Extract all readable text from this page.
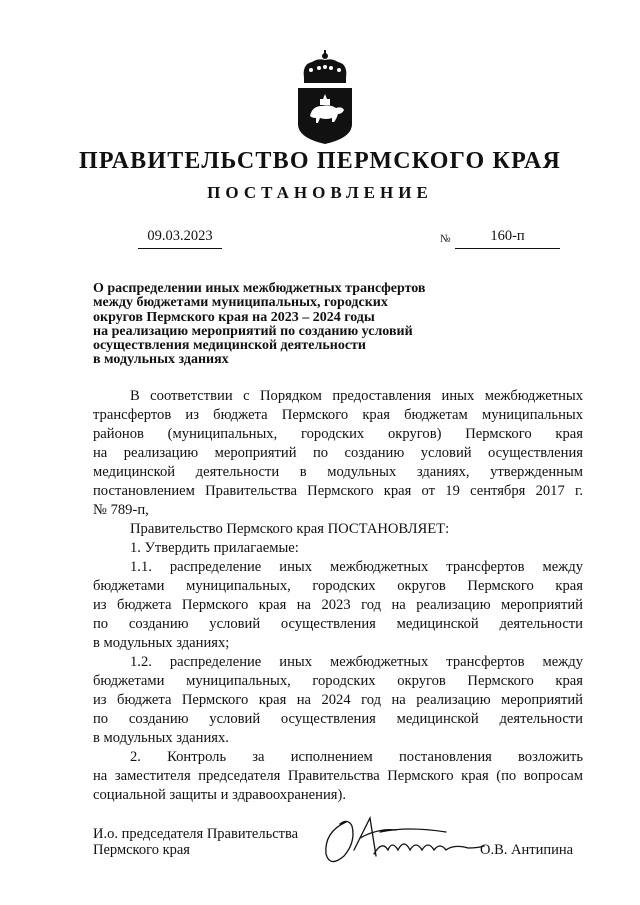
ПРАВИТЕЛЬСТВО ПЕРМСКОГО КРАЯ
ПОСТАНОВЛЕНИЕ
09.03.2023	№	160-п
О распределении иных межбюджетных трансфертов
между бюджетами муниципальных, городских
округов Пермского края на 2023 – 2024 годы
на реализацию мероприятий по созданию условий
осуществления медицинской деятельности
в модульных зданиях
В соответствии с Порядком предоставления иных межбюджетных
трансфертов из бюджета Пермского края бюджетам муниципальных
районов (муниципальных, городских округов) Пермского края
на реализацию мероприятий по созданию условий осуществления
медицинской деятельности в модульных зданиях, утвержденным
постановлением Правительства Пермского края от 19 сентября 2017 г.
№ 789-п,
Правительство Пермского края ПОСТАНОВЛЯЕТ:
1. Утвердить прилагаемые:
1.1. распределение иных межбюджетных трансфертов между
бюджетами муниципальных, городских округов Пермского края
из бюджета Пермского края на 2023 год на реализацию мероприятий
по созданию условий осуществления медицинской деятельности
в модульных зданиях;
1.2. распределение иных межбюджетных трансфертов между
бюджетами муниципальных, городских округов Пермского края
из бюджета Пермского края на 2024 год на реализацию мероприятий
по созданию условий осуществления медицинской деятельности
в модульных зданиях.
2. Контроль за исполнением постановления возложить
на заместителя председателя Правительства Пермского края (по вопросам
социальной защиты и здравоохранения).
И.о. председателя Правительства
Пермского края	О.В. Антипина
